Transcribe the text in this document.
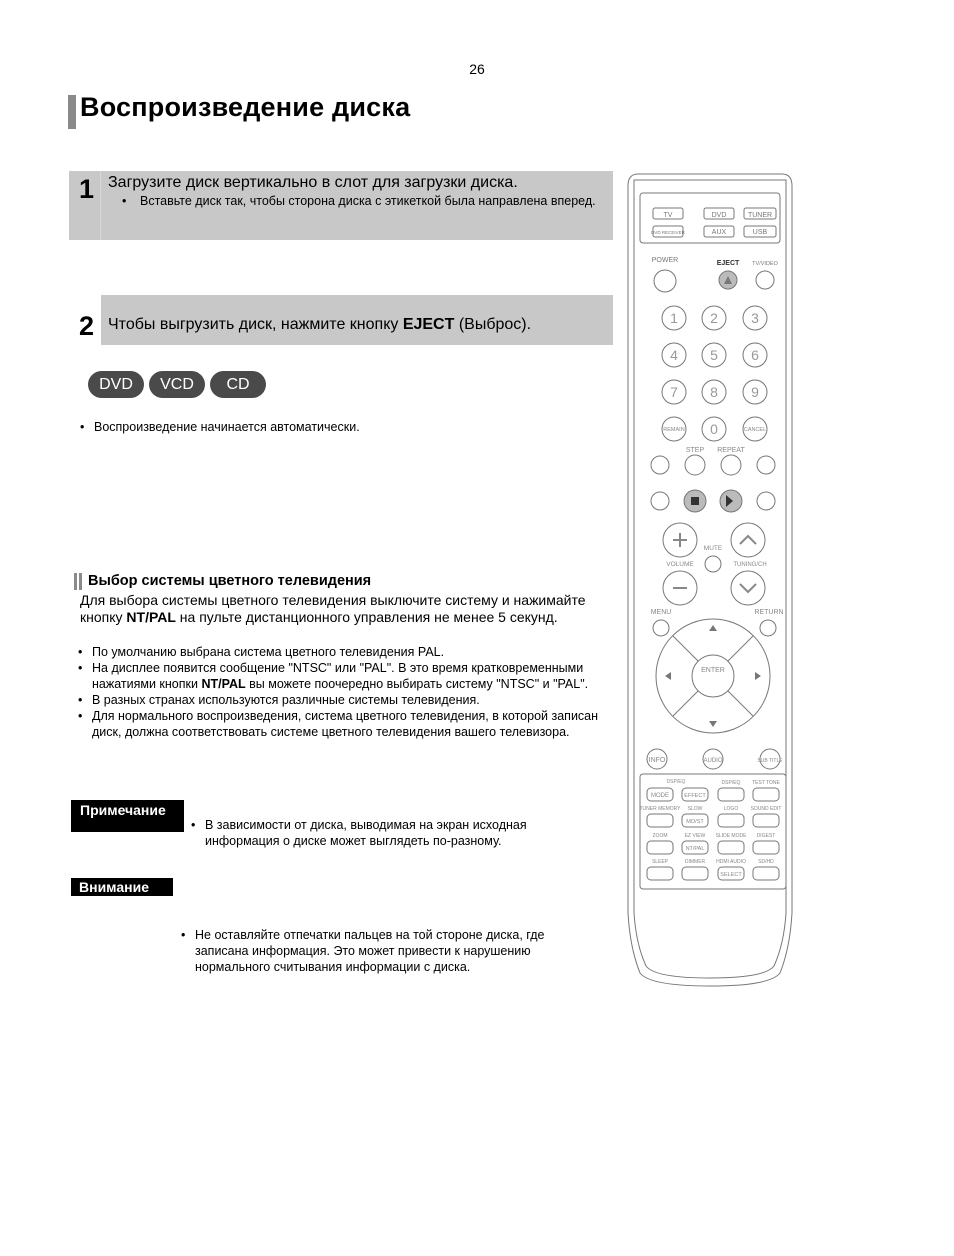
26
Воспроизведение диска
1 Загрузите диск вертикально в слот для загрузки диска.
• Вставьте диск так, чтобы сторона диска с этикеткой была направлена вперед.
2 Чтобы выгрузить диск, нажмите кнопку EJECT (Выброс).
DVD VCD CD
• Воспроизведение начинается автоматически.
Выбор системы цветного телевидения
Для выбора системы цветного телевидения выключите систему и нажимайте кнопку NT/PAL на пульте дистанционного управления не менее 5 секунд.
• По умолчанию выбрана система цветного телевидения PAL.
• На дисплее появится сообщение "NTSC" или "PAL". В это время кратковременными нажатиями кнопки NT/PAL вы можете поочередно выбирать систему "NTSC" и "PAL".
• В разных странах используются различные системы телевидения.
• Для нормального воспроизведения, система цветного телевидения, в которой записан диск, должна соответствовать системе цветного телевидения вашего телевизора.
Примечание
• В зависимости от диска, выводимая на экран исходная информация о диске может выглядеть по-разному.
Внимание
• Не оставляйте отпечатки пальцев на той стороне диска, где записана информация. Это может привести к нарушению нормального считывания информации с диска.
TV	DVD	TUNER
DVD RECEIVER	AUX	USB
POWER	EJECT TV/VIDEO
1 2 3
4 5 6
7 8 9
0
REMAIN	CANCEL
STEP REPEAT
VOLUME
MUTE
TUNING/CH
MENU	RETURN
ENTER
INFO	AUDIO	SUB TITLE
DSP/EQ	DSP/EQ TEST TONE
TUNER MEMORY SLOW	LOGO SOUND EDIT
ZOOM	EZ VIEW SLIDE MODE DIGEST
SLEEP	DIMMER HDMI AUDIO SD/HD
MODE	EFFECT
MO/ST
NT/PAL
SELECT
